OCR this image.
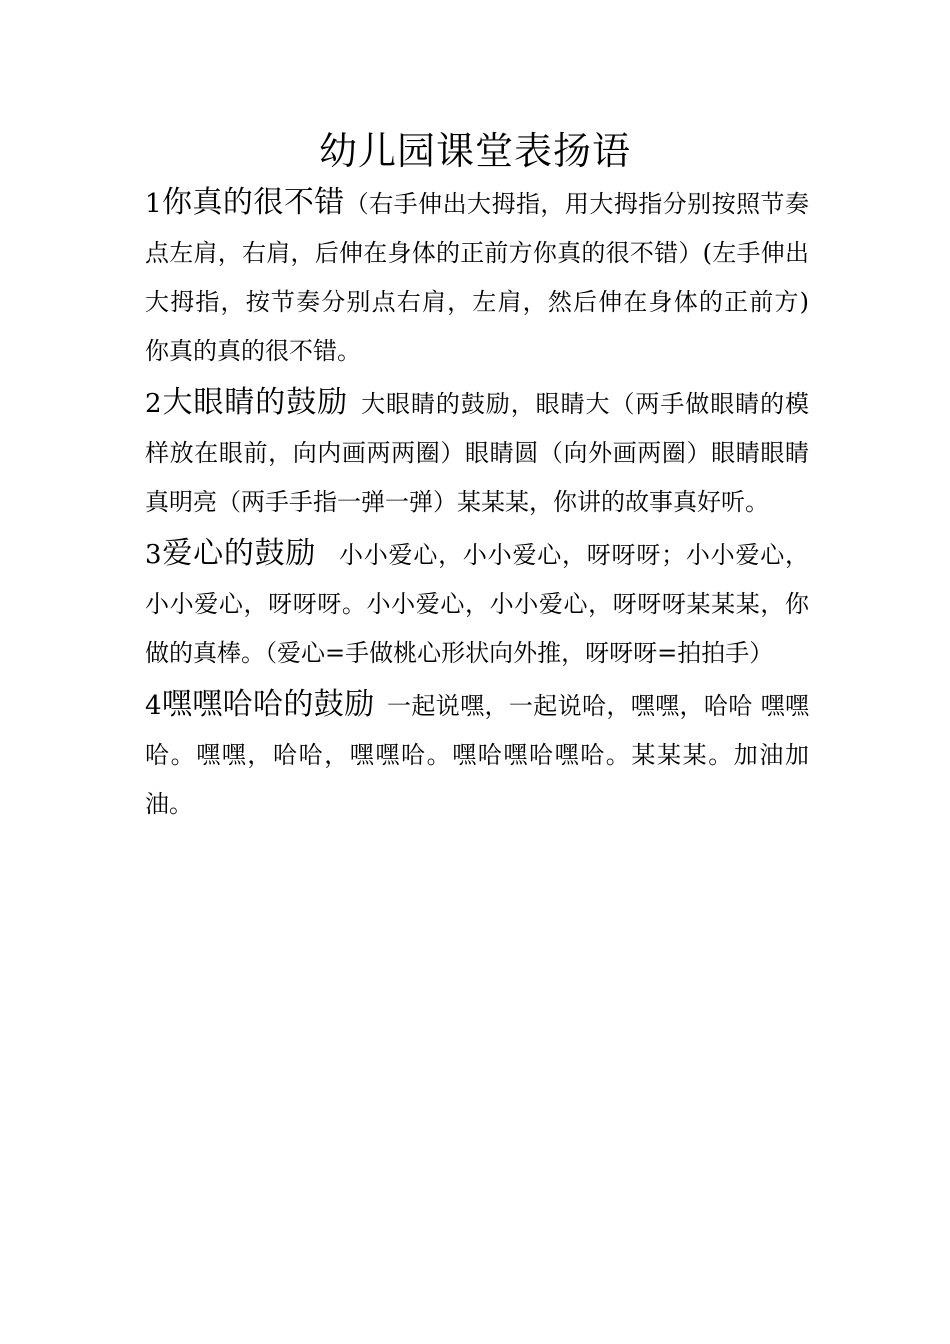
幼儿园课堂表扬语

1你真的很不错（右手伸出大拇指，用大拇指分别按照节奏点左肩，右肩，后伸在身体的正前方你真的很不错）(左手伸出大拇指，按节奏分别点右肩，左肩，然后伸在身体的正前方) 你真的真的很不错。

2大眼睛的鼓励 大眼睛的鼓励，眼睛大（两手做眼睛的模样放在眼前，向内画两两圈）眼睛圆（向外画两圈）眼睛眼睛真明亮（两手手指一弹一弹）某某某，你讲的故事真好听。

3爱心的鼓励 小小爱心，小小爱心，呀呀呀；小小爱心，小小爱心，呀呀呀。小小爱心，小小爱心，呀呀呀某某某，你做的真棒。（爱心=手做桃心形状向外推，呀呀呀=拍拍手）

4嘿嘿哈哈的鼓励 一起说嘿，一起说哈，嘿嘿，哈哈 嘿嘿哈。嘿嘿，哈哈，嘿嘿哈。嘿哈嘿哈嘿哈。某某某。加油加油。
